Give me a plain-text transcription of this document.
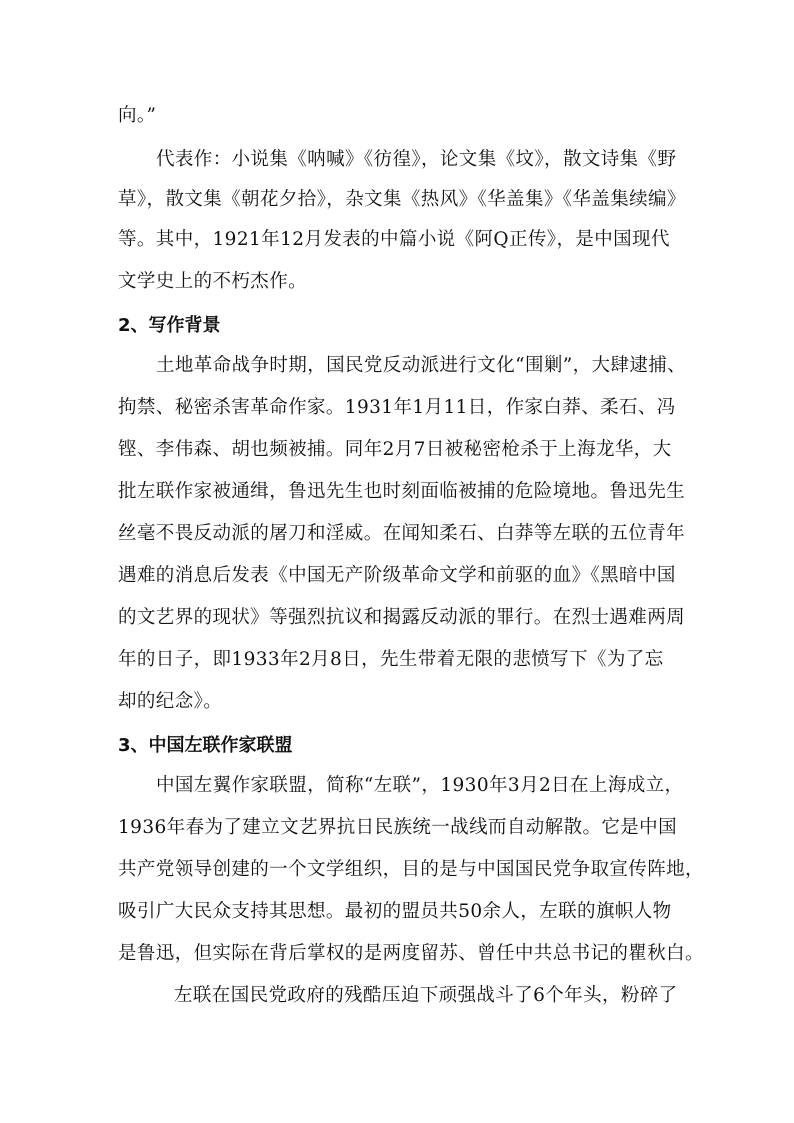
向。”
代表作：小说集《呐喊》《彷徨》，论文集《坟》，散文诗集《野
草》，散文集《朝花夕拾》，杂文集《热风》《华盖集》《华盖集续编》
等。其中，1921年12月发表的中篇小说《阿Q正传》，是中国现代
文学史上的不朽杰作。
2、写作背景
土地革命战争时期，国民党反动派进行文化“围剿”，大肆逮捕、
拘禁、秘密杀害革命作家。1931年1月11日，作家白莽、柔石、冯
铿、李伟森、胡也频被捕。同年2月7日被秘密枪杀于上海龙华，大
批左联作家被通缉，鲁迅先生也时刻面临被捕的危险境地。鲁迅先生
丝毫不畏反动派的屠刀和淫威。在闻知柔石、白莽等左联的五位青年
遇难的消息后发表《中国无产阶级革命文学和前驱的血》《黑暗中国
的文艺界的现状》等强烈抗议和揭露反动派的罪行。在烈士遇难两周
年的日子，即1933年2月8日，先生带着无限的悲愤写下《为了忘
却的纪念》。
3、中国左联作家联盟
中国左翼作家联盟，简称“左联”，1930年3月2日在上海成立，
1936年春为了建立文艺界抗日民族统一战线而自动解散。它是中国
共产党领导创建的一个文学组织，目的是与中国国民党争取宣传阵地，
吸引广大民众支持其思想。最初的盟员共50余人，左联的旗帜人物
是鲁迅，但实际在背后掌权的是两度留苏、曾任中共总书记的瞿秋白。
左联在国民党政府的残酷压迫下顽强战斗了6个年头，粉碎了
